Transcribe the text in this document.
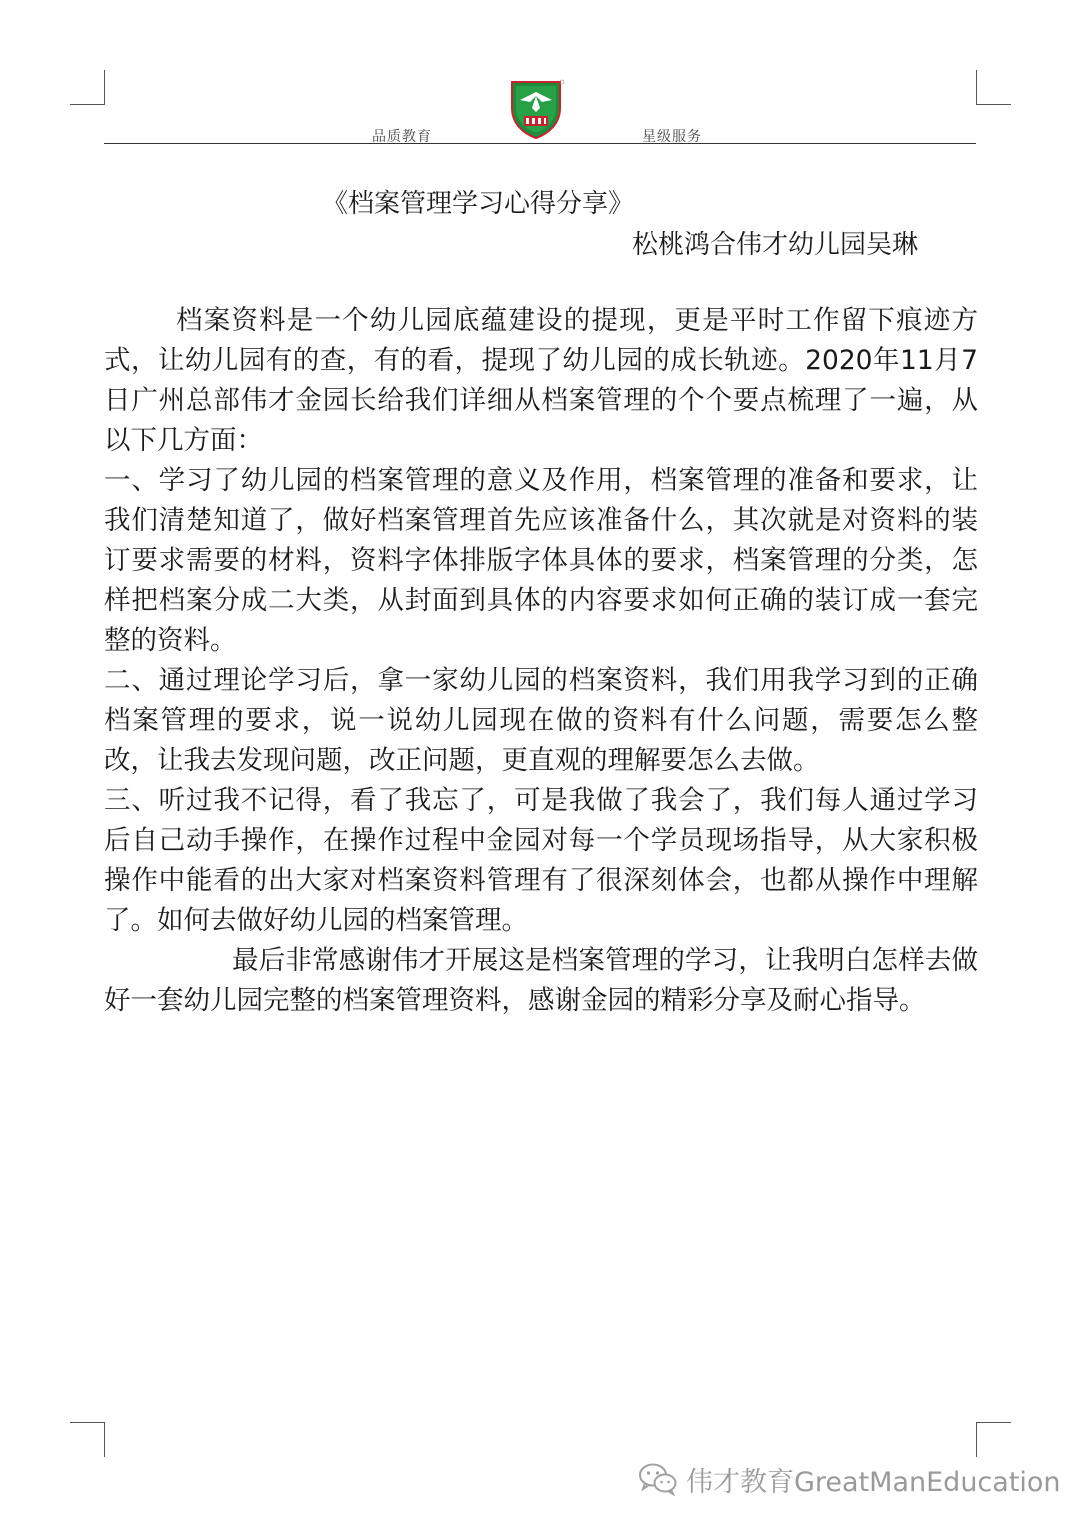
品质教育	星级服务
《档案管理学习心得分享》
松桃鸿合伟才幼儿园吴琳

档案资料是一个幼儿园底蕴建设的提现，更是平时工作留下痕迹方式，让幼儿园有的查，有的看，提现了幼儿园的成长轨迹。2020年11月7日广州总部伟才金园长给我们详细从档案管理的个个要点梳理了一遍，从以下几方面：

一、学习了幼儿园的档案管理的意义及作用，档案管理的准备和要求，让我们清楚知道了，做好档案管理首先应该准备什么，其次就是对资料的装订要求需要的材料，资料字体排版字体具体的要求，档案管理的分类，怎样把档案分成二大类，从封面到具体的内容要求如何正确的装订成一套完整的资料。

二、通过理论学习后，拿一家幼儿园的档案资料，我们用我学习到的正确档案管理的要求，说一说幼儿园现在做的资料有什么问题，需要怎么整改，让我去发现问题，改正问题，更直观的理解要怎么去做。

三、听过我不记得，看了我忘了，可是我做了我会了，我们每人通过学习后自己动手操作，在操作过程中金园对每一个学员现场指导，从大家积极操作中能看的出大家对档案资料管理有了很深刻体会，也都从操作中理解了。如何去做好幼儿园的档案管理。

最后非常感谢伟才开展这是档案管理的学习，让我明白怎样去做好一套幼儿园完整的档案管理资料，感谢金园的精彩分享及耐心指导。

伟才教育GreatManEducation
